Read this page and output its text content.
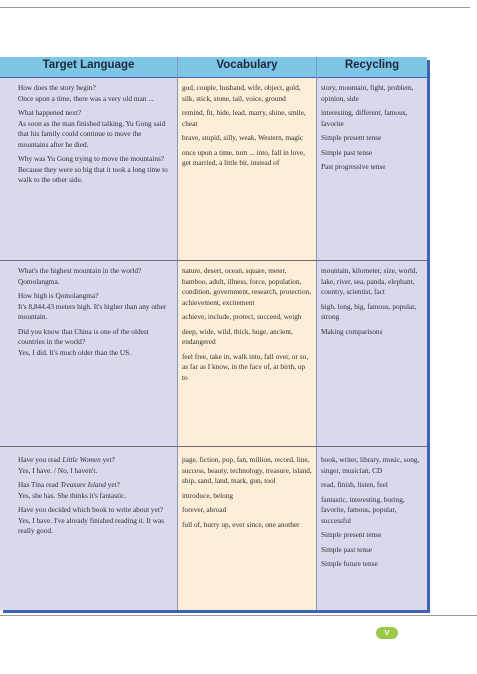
Target Language	Vocabulary	Recycling
How does the story begin?
Once upon a time, there was a very old man ...
What happened next?
As soon as the man finished talking, Yu Gong said that his family could continue to move the mountains after he died.
Why was Yu Gong trying to move the mountains?
Because they were so big that it took a long time to walk to the other side.
god, couple, husband, wife, object, gold, silk, stick, stone, tail, voice, ground
remind, fit, hide, lead, marry, shine, smile, cheat
brave, stupid, silly, weak, Western, magic
once upon a time, turn ... into, fall in love, get married, a little bit, instead of
story, mountain, fight, problem, opinion, side
interesting, different, famous, favorite
Simple present tense
Simple past tense
Past progressive tense
What's the highest mountain in the world?
Qomolangma.
How high is Qomolangma?
It's 8,844.43 meters high. It's higher than any other mountain.
Did you know that China is one of the oldest countries in the world?
Yes, I did. It's much older than the US.
nature, desert, ocean, square, meter, bamboo, adult, illness, force, population, condition, government, research, protection, achievement, excitement
achieve, include, protect, succeed, weigh
deep, wide, wild, thick, huge, ancient, endangered
feel free, take in, walk into, fall over, or so, as far as I know, in the face of, at birth, up to
mountain, kilometer, size, world, lake, river, sea, panda, elephant, country, scientist, fact
high, long, big, famous, popular, strong
Making comparisons
Have you read Little Women yet?
Yes, I have. / No, I haven't.
Has Tina read Treasure Island yet?
Yes, she has. She thinks it's fantastic.
Have you decided which book to write about yet?
Yes, I have. I've already finished reading it. It was really good.
page, fiction, pop, fan, million, record, line, success, beauty, technology, treasure, island, ship, sand, land, mark, gun, tool
introduce, belong
forever, abroad
full of, hurry up, ever since, one another
book, writer, library, music, song, singer, musician, CD
read, finish, listen, feel
fantastic, interesting, boring, favorite, famous, popular, successful
Simple present tense
Simple past tense
Simple future tense
V
